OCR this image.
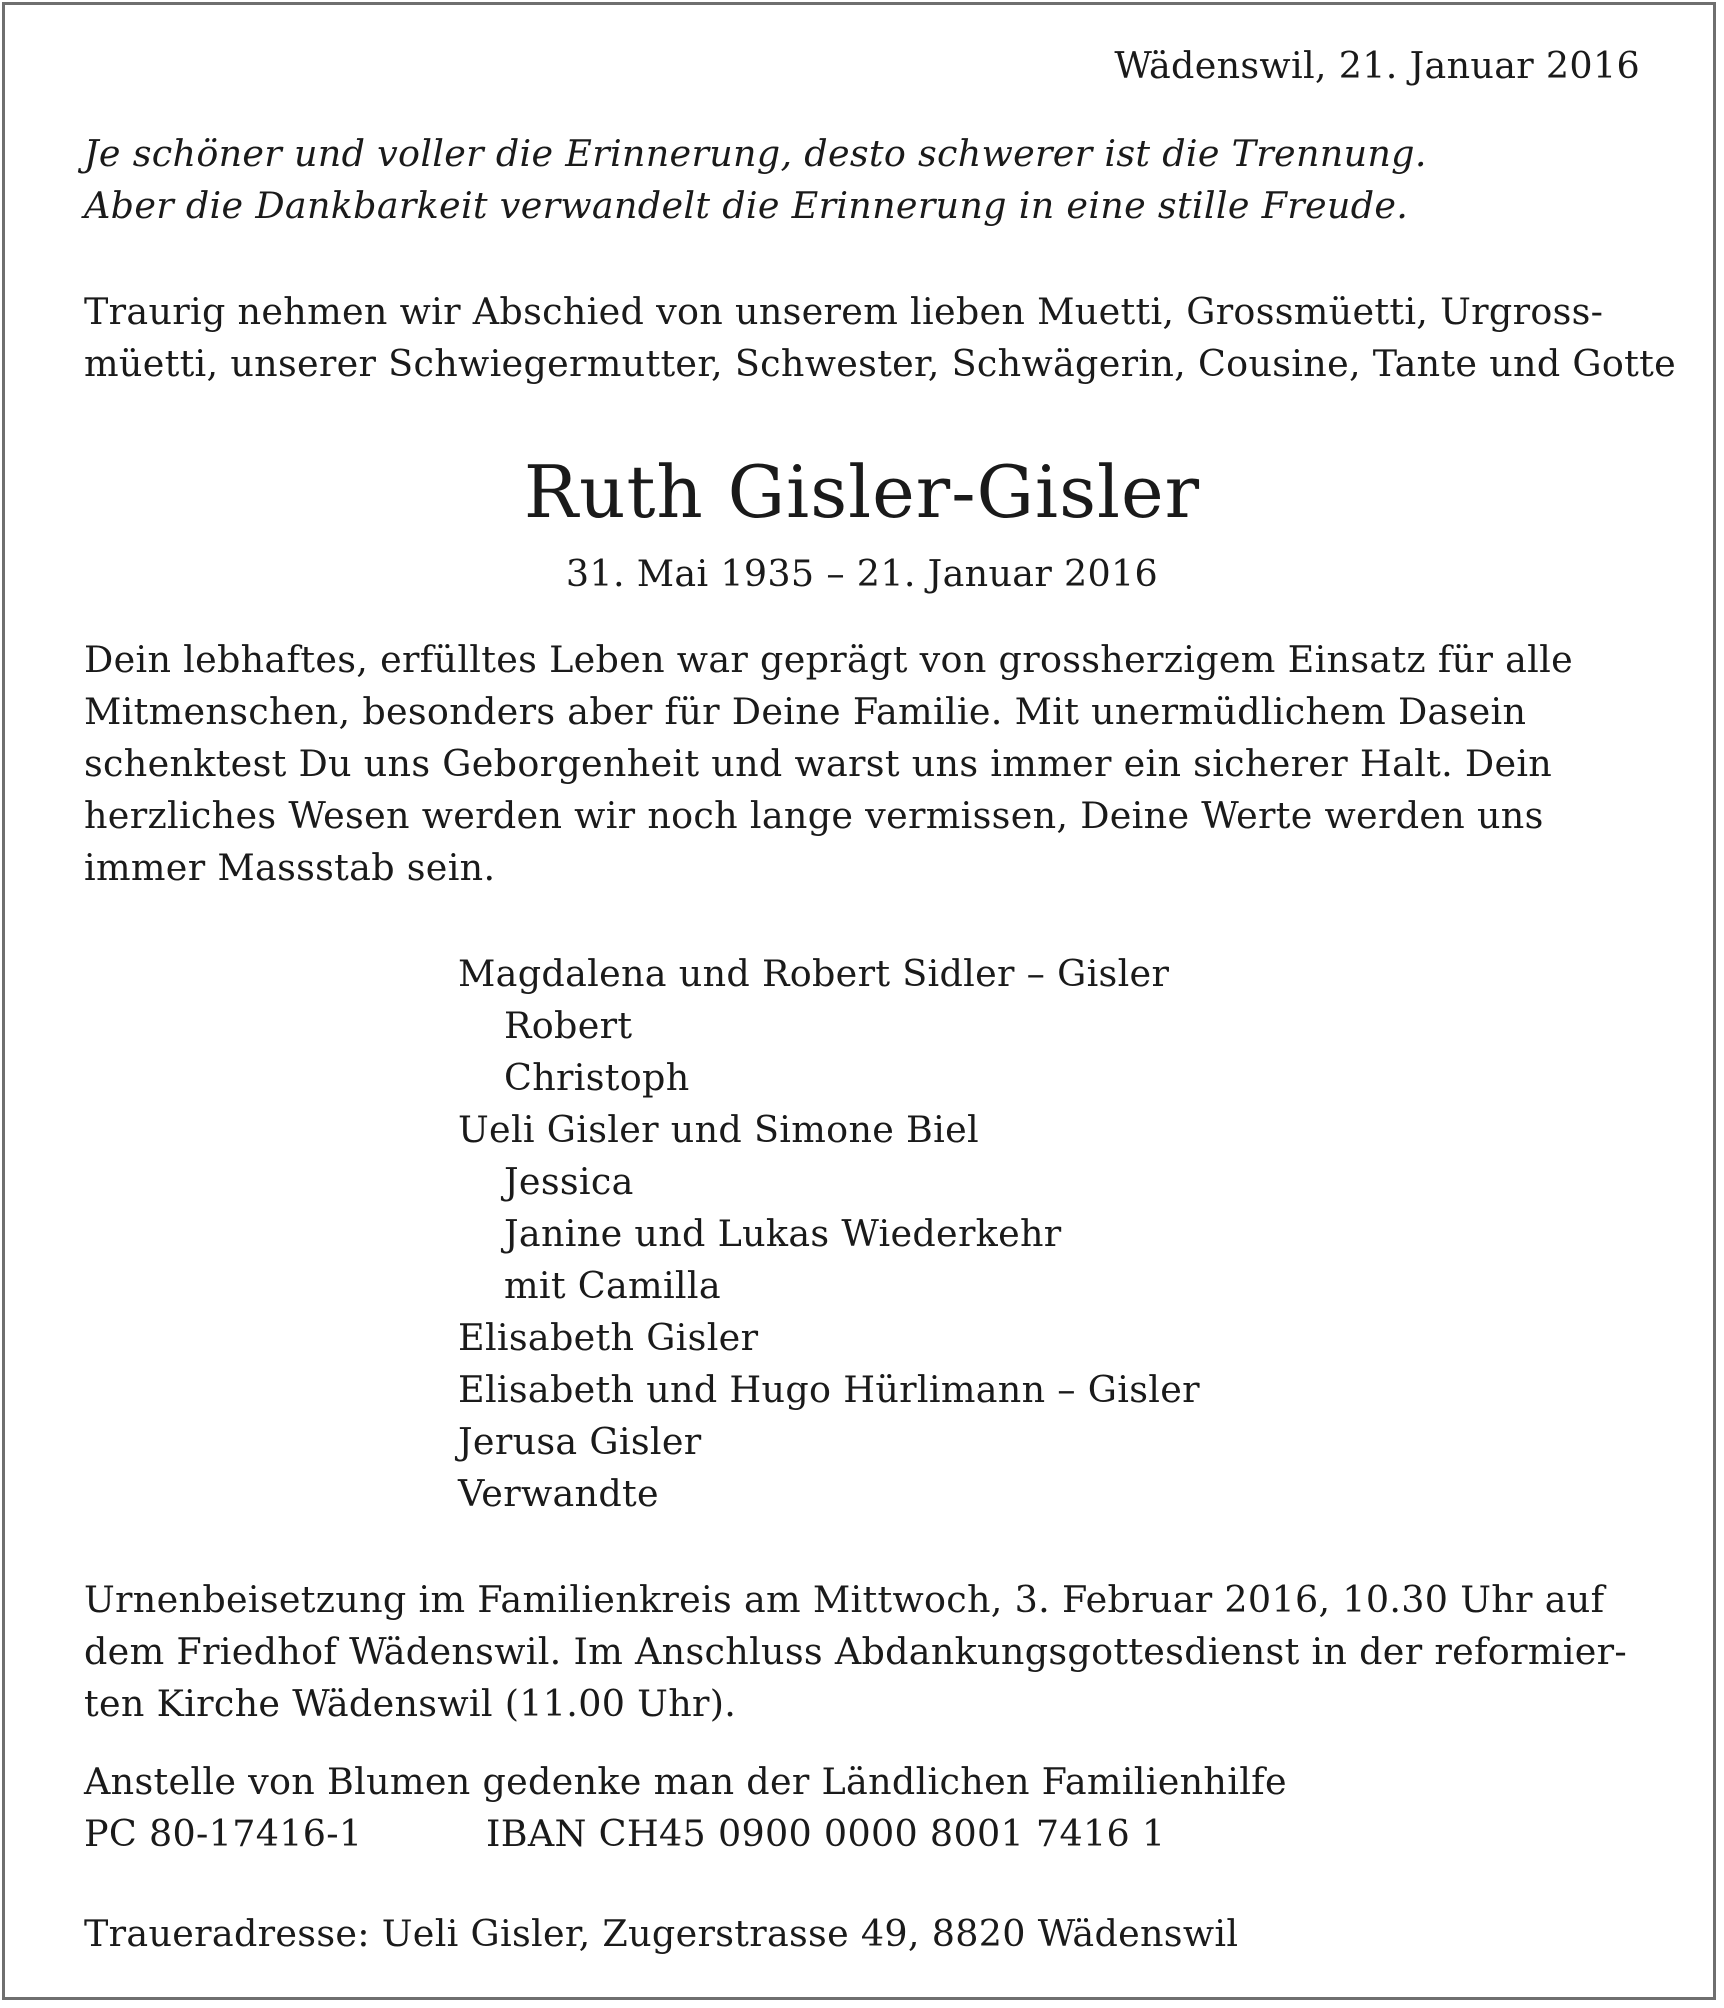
Wädenswil, 21. Januar 2016
Je schöner und voller die Erinnerung, desto schwerer ist die Trennung.
Aber die Dankbarkeit verwandelt die Erinnerung in eine stille Freude.
Traurig nehmen wir Abschied von unserem lieben Muetti, Grossmüetti, Urgross-
müetti, unserer Schwiegermutter, Schwester, Schwägerin, Cousine, Tante und Gotte
Ruth Gisler-Gisler
31. Mai 1935 – 21. Januar 2016
Dein lebhaftes, erfülltes Leben war geprägt von grossherzigem Einsatz für alle
Mitmenschen, besonders aber für Deine Familie. Mit unermüdlichem Dasein
schenktest Du uns Geborgenheit und warst uns immer ein sicherer Halt. Dein
herzliches Wesen werden wir noch lange vermissen, Deine Werte werden uns
immer Massstab sein.
Magdalena und Robert Sidler – Gisler
Robert
Christoph
Ueli Gisler und Simone Biel
Jessica
Janine und Lukas Wiederkehr
mit Camilla
Elisabeth Gisler
Elisabeth und Hugo Hürlimann – Gisler
Jerusa Gisler
Verwandte
Urnenbeisetzung im Familienkreis am Mittwoch, 3. Februar 2016, 10.30 Uhr auf
dem Friedhof Wädenswil. Im Anschluss Abdankungsgottesdienst in der reformier-
ten Kirche Wädenswil (11.00 Uhr).
Anstelle von Blumen gedenke man der Ländlichen Familienhilfe
PC 80-17416-1	IBAN CH45 0900 0000 8001 7416 1
Traueradresse: Ueli Gisler, Zugerstrasse 49, 8820 Wädenswil
